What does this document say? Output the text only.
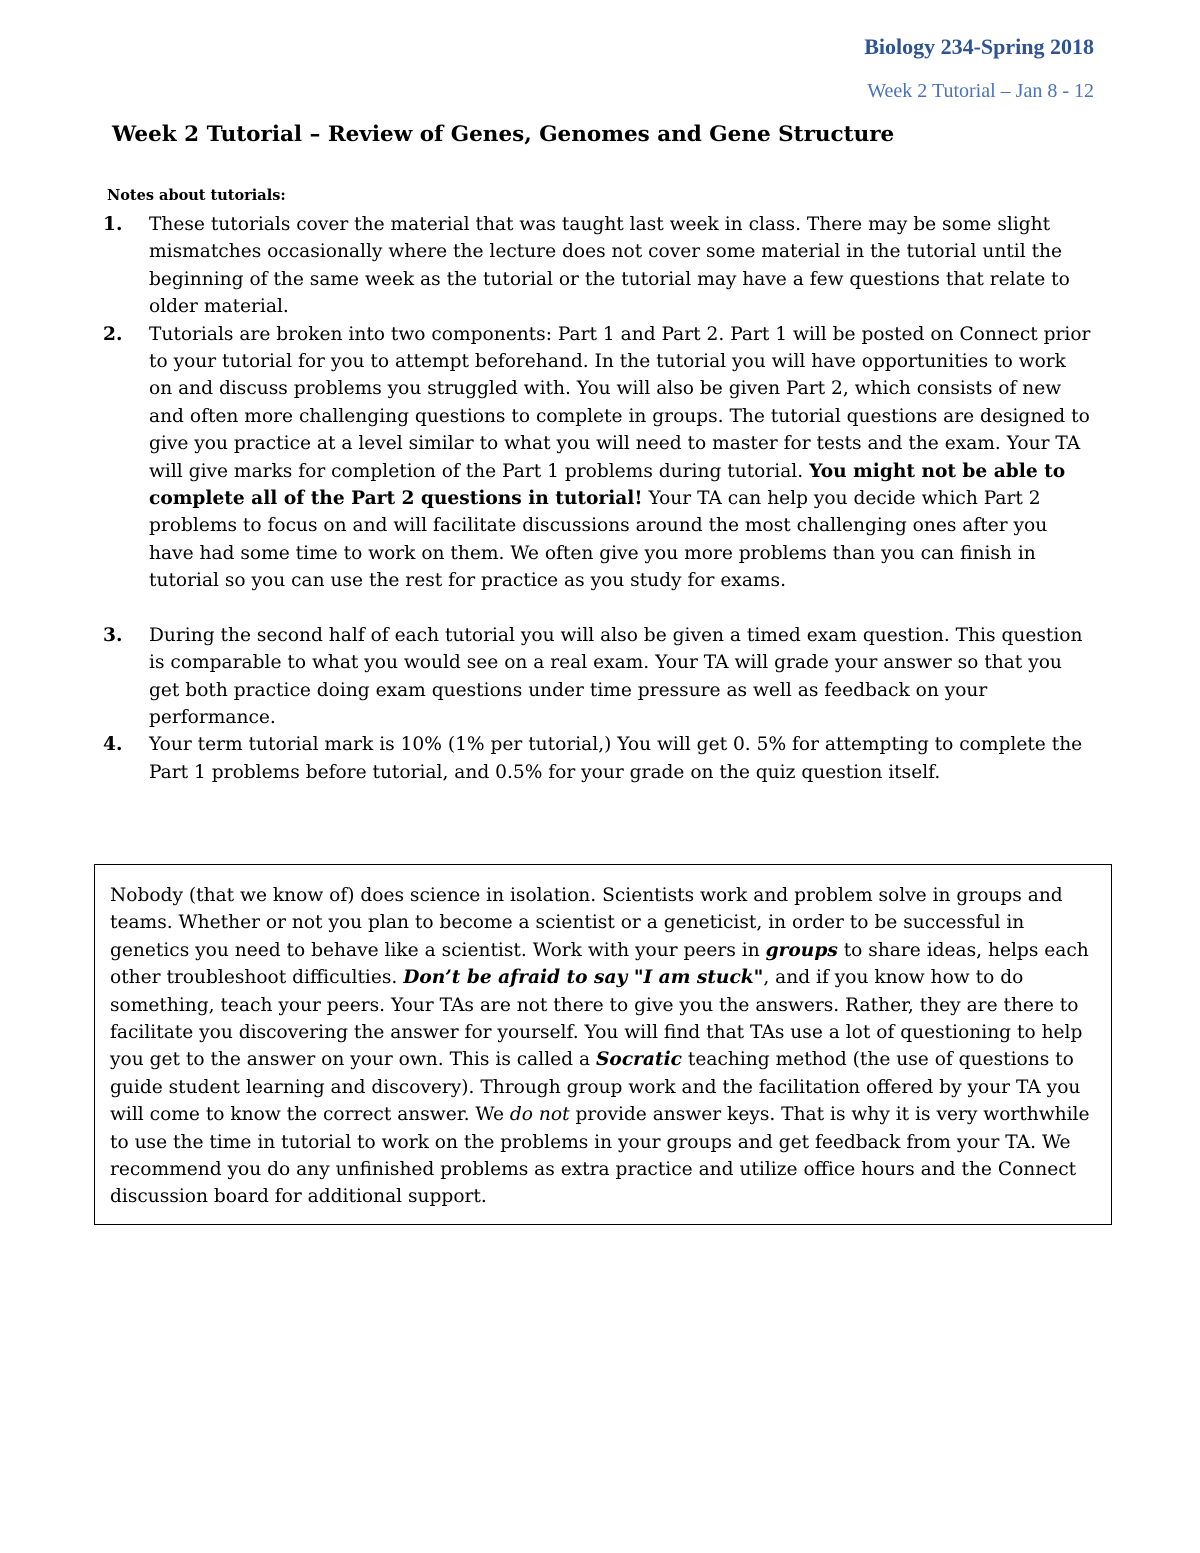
Biology 234-Spring 2018
Week 2 Tutorial – Jan 8 - 12
Week 2 Tutorial – Review of Genes, Genomes and Gene Structure
Notes about tutorials:
1. These tutorials cover the material that was taught last week in class. There may be some slight mismatches occasionally where the lecture does not cover some material in the tutorial until the beginning of the same week as the tutorial or the tutorial may have a few questions that relate to older material.
2. Tutorials are broken into two components: Part 1 and Part 2. Part 1 will be posted on Connect prior to your tutorial for you to attempt beforehand. In the tutorial you will have opportunities to work on and discuss problems you struggled with. You will also be given Part 2, which consists of new and often more challenging questions to complete in groups. The tutorial questions are designed to give you practice at a level similar to what you will need to master for tests and the exam. Your TA will give marks for completion of the Part 1 problems during tutorial. You might not be able to complete all of the Part 2 questions in tutorial! Your TA can help you decide which Part 2 problems to focus on and will facilitate discussions around the most challenging ones after you have had some time to work on them. We often give you more problems than you can finish in tutorial so you can use the rest for practice as you study for exams.
3. During the second half of each tutorial you will also be given a timed exam question. This question is comparable to what you would see on a real exam. Your TA will grade your answer so that you get both practice doing exam questions under time pressure as well as feedback on your performance.
4. Your term tutorial mark is 10% (1% per tutorial,) You will get 0. 5% for attempting to complete the Part 1 problems before tutorial, and 0.5% for your grade on the quiz question itself.

Nobody (that we know of) does science in isolation. Scientists work and problem solve in groups and teams. Whether or not you plan to become a scientist or a geneticist, in order to be successful in genetics you need to behave like a scientist. Work with your peers in groups to share ideas, helps each other troubleshoot difficulties. Don’t be afraid to say "I am stuck", and if you know how to do something, teach your peers. Your TAs are not there to give you the answers. Rather, they are there to facilitate you discovering the answer for yourself. You will find that TAs use a lot of questioning to help you get to the answer on your own. This is called a Socratic teaching method (the use of questions to guide student learning and discovery). Through group work and the facilitation offered by your TA you will come to know the correct answer. We do not provide answer keys. That is why it is very worthwhile to use the time in tutorial to work on the problems in your groups and get feedback from your TA. We recommend you do any unfinished problems as extra practice and utilize office hours and the Connect discussion board for additional support.
